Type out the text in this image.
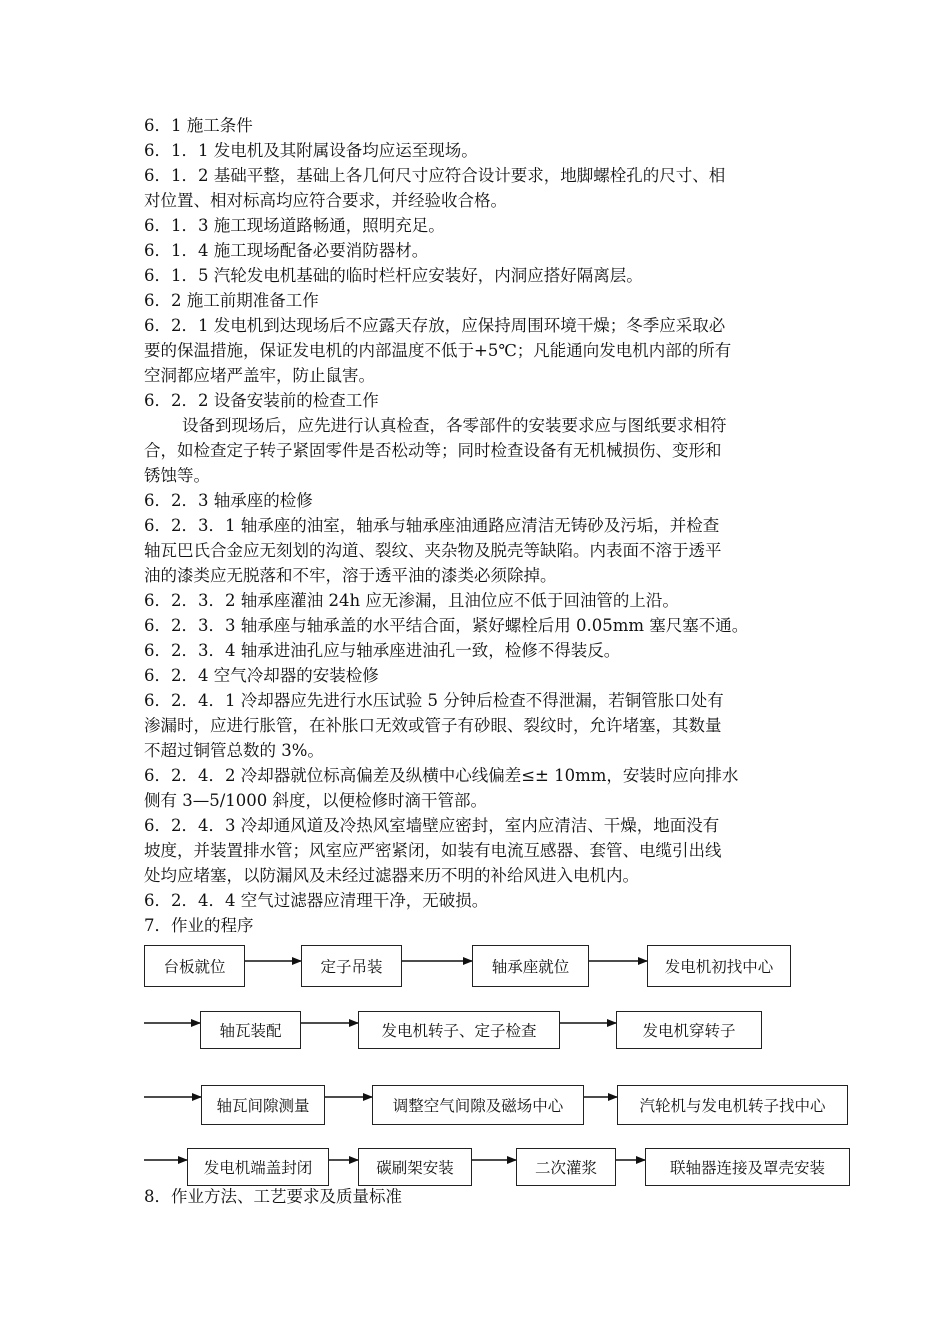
6．1 施工条件
6．1．1 发电机及其附属设备均应运至现场。
6．1．2 基础平整，基础上各几何尺寸应符合设计要求，地脚螺栓孔的尺寸、相
对位置、相对标高均应符合要求，并经验收合格。
6．1．3 施工现场道路畅通，照明充足。
6．1．4 施工现场配备必要消防器材。
6．1．5 汽轮发电机基础的临时栏杆应安装好，内洞应搭好隔离层。
6．2 施工前期准备工作
6．2．1 发电机到达现场后不应露天存放，应保持周围环境干燥；冬季应采取必
要的保温措施，保证发电机的内部温度不低于+5℃；凡能通向发电机内部的所有
空洞都应堵严盖牢，防止鼠害。
6．2．2 设备安装前的检查工作
设备到现场后，应先进行认真检查，各零部件的安装要求应与图纸要求相符
合，如检查定子转子紧固零件是否松动等；同时检查设备有无机械损伤、变形和
锈蚀等。
6．2．3 轴承座的检修
6．2．3．1 轴承座的油室，轴承与轴承座油通路应清洁无铸砂及污垢，并检查
轴瓦巴氏合金应无刻划的沟道、裂纹、夹杂物及脱壳等缺陷。内表面不溶于透平
油的漆类应无脱落和不牢，溶于透平油的漆类必须除掉。
6．2．3．2 轴承座灌油 24h 应无渗漏，且油位应不低于回油管的上沿。
6．2．3．3 轴承座与轴承盖的水平结合面，紧好螺栓后用 0.05mm 塞尺塞不通。
6．2．3．4 轴承进油孔应与轴承座进油孔一致，检修不得装反。
6．2．4 空气冷却器的安装检修
6．2．4．1 冷却器应先进行水压试验 5 分钟后检查不得泄漏，若铜管胀口处有
渗漏时，应进行胀管，在补胀口无效或管子有砂眼、裂纹时，允许堵塞，其数量
不超过铜管总数的 3%。
6．2．4．2 冷却器就位标高偏差及纵横中心线偏差≤± 10mm，安装时应向排水
侧有 3—5/1000 斜度，以便检修时滴干管部。
6．2．4．3 冷却通风道及冷热风室墙壁应密封，室内应清洁、干燥，地面没有
坡度，并装置排水管；风室应严密紧闭，如装有电流互感器、套管、电缆引出线
处均应堵塞，以防漏风及未经过滤器来历不明的补给风进入电机内。
6．2．4．4 空气过滤器应清理干净，无破损。
7．作业的程序
台板就位	定子吊装	轴承座就位	发电机初找中心
轴瓦装配	发电机转子、定子检查	发电机穿转子
轴瓦间隙测量	调整空气间隙及磁场中心	汽轮机与发电机转子找中心
发电机端盖封闭	碳刷架安装	二次灌浆	联轴器连接及罩壳安装
8．作业方法、工艺要求及质量标准
